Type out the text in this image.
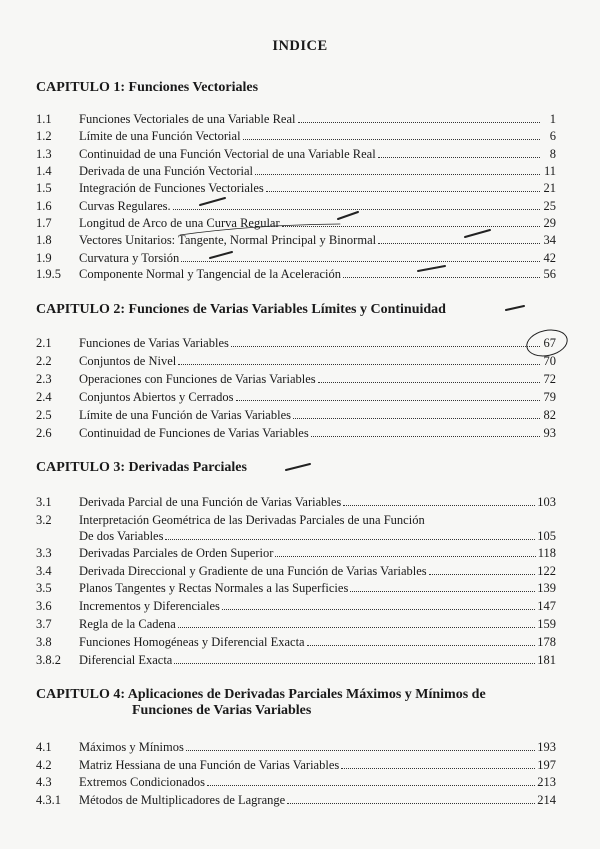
INDICE
CAPITULO 1: Funciones Vectoriales
1.1	Funciones Vectoriales de una Variable Real	1
1.2	Límite de una Función Vectorial	6
1.3	Continuidad de una Función Vectorial de una Variable Real	8
1.4	Derivada de una Función Vectorial	11
1.5	Integración de Funciones Vectoriales	21
1.6	Curvas Regulares.	25
1.7	Longitud de Arco de una Curva Regular	29
1.8	Vectores Unitarios: Tangente, Normal Principal y Binormal	34
1.9	Curvatura y Torsión	42
1.9.5	Componente Normal y Tangencial de la Aceleración	56
CAPITULO 2: Funciones de Varias Variables Límites y Continuidad
2.1	Funciones de Varias Variables	67
2.2	Conjuntos de Nivel	70
2.3	Operaciones con Funciones de Varias Variables	72
2.4	Conjuntos Abiertos y Cerrados	79
2.5	Límite de una Función de Varias Variables	82
2.6	Continuidad de Funciones de Varias Variables	93
CAPITULO 3: Derivadas Parciales
3.1	Derivada Parcial de una Función de Varias Variables	103
3.2	Interpretación Geométrica de las Derivadas Parciales de una Función
De dos Variables	105
3.3	Derivadas Parciales de Orden Superior	118
3.4	Derivada Direccional y Gradiente de una Función de Varias Variables	122
3.5	Planos Tangentes y Rectas Normales a las Superficies	139
3.6	Incrementos y Diferenciales	147
3.7	Regla de la Cadena	159
3.8	Funciones Homogéneas y Diferencial Exacta	178
3.8.2	Diferencial Exacta	181
CAPITULO 4: Aplicaciones de Derivadas Parciales Máximos y Mínimos de
Funciones de Varias Variables
4.1	Máximos y Mínimos	193
4.2	Matriz Hessiana de una Función de Varias Variables	197
4.3	Extremos Condicionados	213
4.3.1	Métodos de Multiplicadores de Lagrange	214
